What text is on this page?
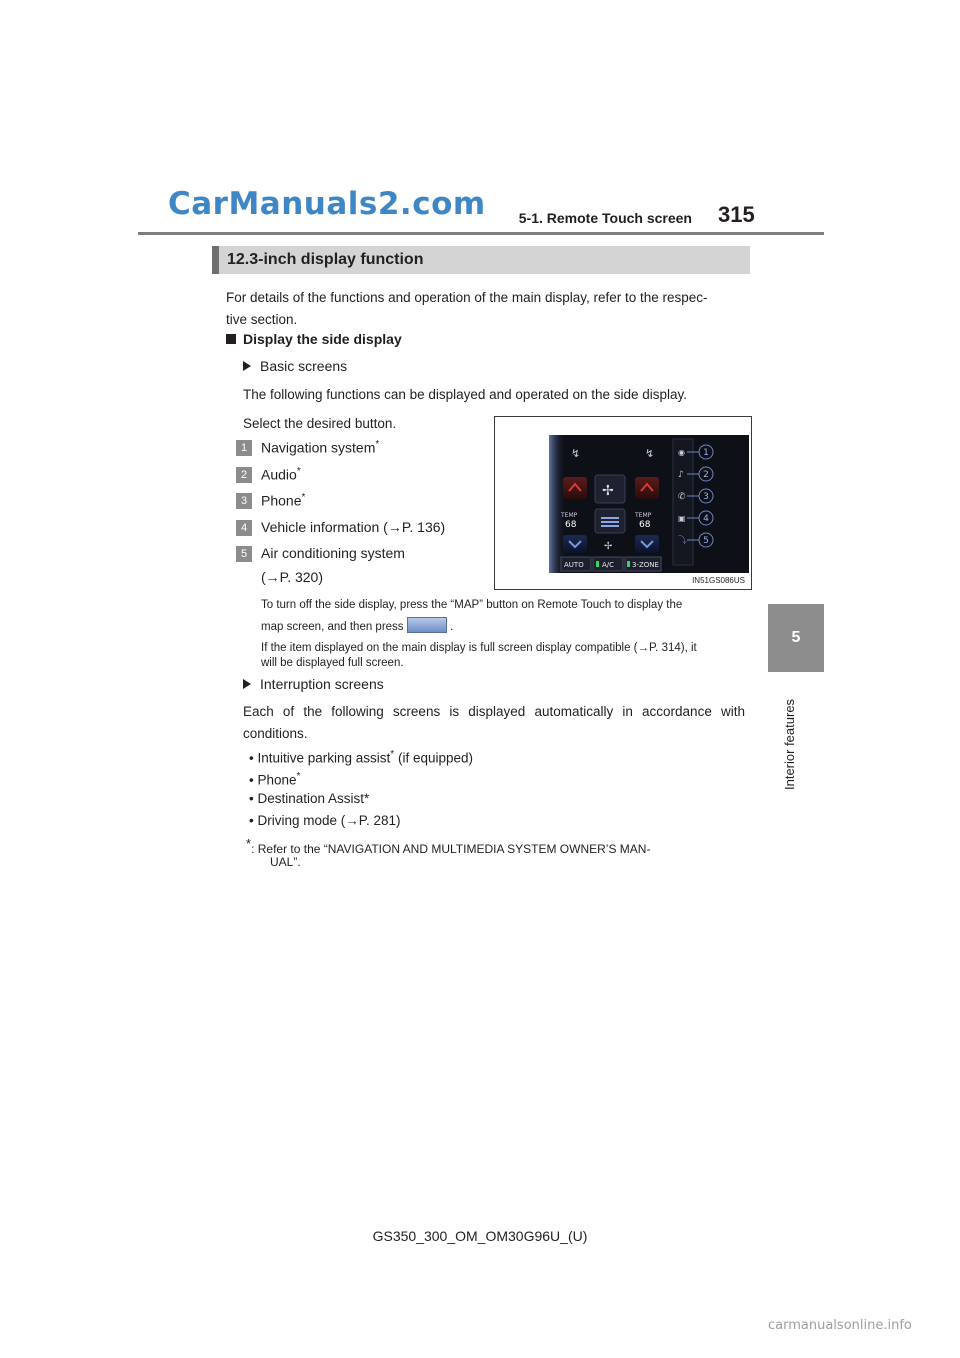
CarManuals2.com	5-1. Remote Touch screen 315
5
Interior features
12.3-inch display function
For details of the functions and operation of the main display, refer to the respec-
tive section.
Display the side display
Basic screens
The following functions can be displayed and operated on the side display.
Select the desired button.
1 Navigation system*
2 Audio*
3 Phone*
4 Vehicle information (→P. 136)
5 Air conditioning system
(→P. 320)
↯	↯
✢
TEMP
68
TEMP
68
✢
AUTO	A/C	3-ZONE
◉
♪
✆
▣
⤵
1
2
3
4
5
IN51GS086US
To turn off the side display, press the “MAP” button on Remote Touch to display the
map screen, and then press	.
If the item displayed on the main display is full screen display compatible (→P. 314), it
will be displayed full screen.
Interruption screens
Each of the following screens is displayed automatically in accordance with
conditions.
• Intuitive parking assist* (if equipped)
• Phone*
• Destination Assist*
• Driving mode (→P. 281)
*: Refer to the “NAVIGATION AND MULTIMEDIA SYSTEM OWNER’S MAN-
UAL”.
GS350_300_OM_OM30G96U_(U)
carmanualsonline.info
